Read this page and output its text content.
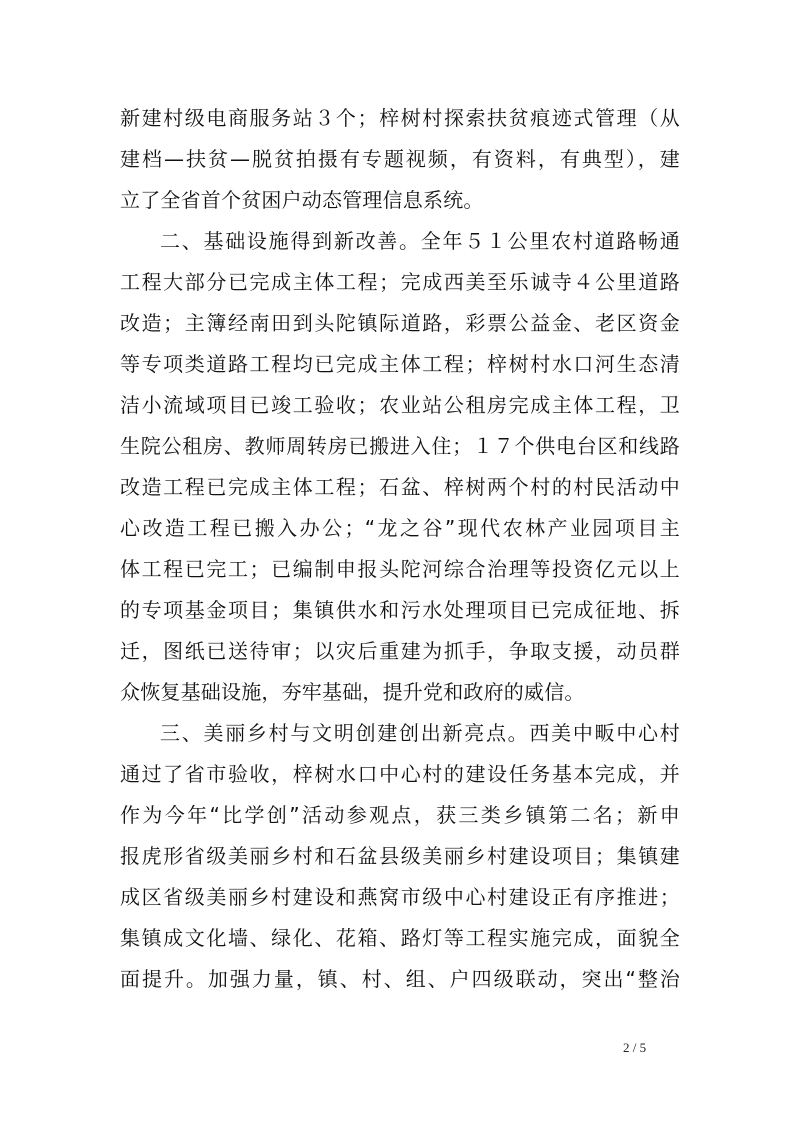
新建村级电商服务站３个；梓树村探索扶贫痕迹式管理（从
建档—扶贫—脱贫拍摄有专题视频，有资料，有典型），建
立了全省首个贫困户动态管理信息系统。
二、基础设施得到新改善。全年５１公里农村道路畅通
工程大部分已完成主体工程；完成西美至乐诚寺４公里道路
改造；主簿经南田到头陀镇际道路，彩票公益金、老区资金
等专项类道路工程均已完成主体工程；梓树村水口河生态清
洁小流域项目已竣工验收；农业站公租房完成主体工程，卫
生院公租房、教师周转房已搬进入住；１７个供电台区和线路
改造工程已完成主体工程；石盆、梓树两个村的村民活动中
心改造工程已搬入办公；“龙之谷”现代农林产业园项目主
体工程已完工；已编制申报头陀河综合治理等投资亿元以上
的专项基金项目；集镇供水和污水处理项目已完成征地、拆
迁，图纸已送待审；以灾后重建为抓手，争取支援，动员群
众恢复基础设施，夯牢基础，提升党和政府的威信。
三、美丽乡村与文明创建创出新亮点。西美中畈中心村
通过了省市验收，梓树水口中心村的建设任务基本完成，并
作为今年“比学创”活动参观点，获三类乡镇第二名；新申
报虎形省级美丽乡村和石盆县级美丽乡村建设项目；集镇建
成区省级美丽乡村建设和燕窝市级中心村建设正有序推进；
集镇成文化墙、绿化、花箱、路灯等工程实施完成，面貌全
面提升。加强力量，镇、村、组、户四级联动，突出“整治
2 / 5
